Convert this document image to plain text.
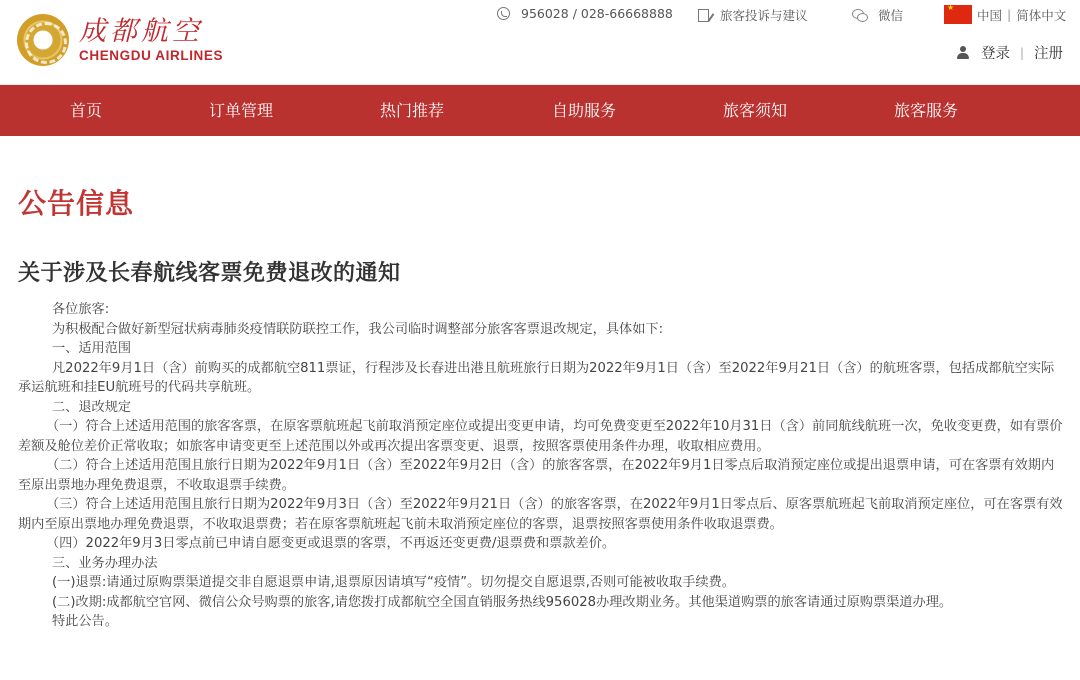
成都航空
CHENGDU AIRLINES
956028 / 028-66668888	旅客投诉与建议	微信 ★	中国 | 简体中文
登录 | 注册
首页	订单管理	热门推荐	自助服务	旅客须知	旅客服务
公告信息
关于涉及长春航线客票免费退改的通知

各位旅客:

为积极配合做好新型冠状病毒肺炎疫情联防联控工作，我公司临时调整部分旅客客票退改规定，具体如下:

一、适用范围

凡2022年9月1日（含）前购买的成都航空811票证，行程涉及长春进出港且航班旅行日期为2022年9月1日（含）至2022年9月21日（含）的航班客票，包括成都航空实际承运航班和挂EU航班号的代码共享航班。

二、退改规定

（一）符合上述适用范围的旅客客票，在原客票航班起飞前取消预定座位或提出变更申请，均可免费变更至2022年10月31日（含）前同航线航班一次，免收变更费，如有票价差额及舱位差价正常收取；如旅客申请变更至上述范围以外或再次提出客票变更、退票，按照客票使用条件办理，收取相应费用。

（二）符合上述适用范围且旅行日期为2022年9月1日（含）至2022年9月2日（含）的旅客客票，在2022年9月1日零点后取消预定座位或提出退票申请，可在客票有效期内至原出票地办理免费退票，不收取退票手续费。

（三）符合上述适用范围且旅行日期为2022年9月3日（含）至2022年9月21日（含）的旅客客票，在2022年9月1日零点后、原客票航班起飞前取消预定座位，可在客票有效期内至原出票地办理免费退票，不收取退票费；若在原客票航班起飞前未取消预定座位的客票，退票按照客票使用条件收取退票费。

（四）2022年9月3日零点前已申请自愿变更或退票的客票，不再返还变更费/退票费和票款差价。

三、业务办理办法

(一)退票:请通过原购票渠道提交非自愿退票申请,退票原因请填写“疫情”。切勿提交自愿退票,否则可能被收取手续费。

(二)改期:成都航空官网、微信公众号购票的旅客,请您拨打成都航空全国直销服务热线956028办理改期业务。其他渠道购票的旅客请通过原购票渠道办理。

特此公告。
